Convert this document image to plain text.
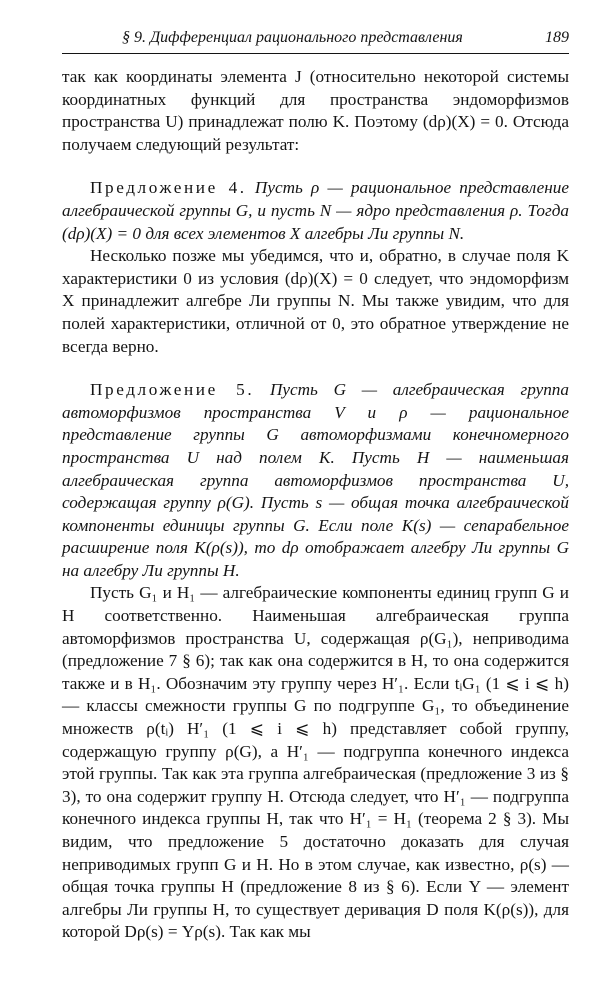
§ 9. Дифференциал рационального представления	189

так как координаты элемента J (относительно некоторой системы координатных функций для пространства эндоморфизмов пространства U) принадлежат полю K. Поэтому (dρ)(X) = 0. Отсюда получаем следующий результат:

Предложение 4. Пусть ρ — рациональное представление алгебраической группы G, и пусть N — ядро представления ρ. Тогда (dρ)(X) = 0 для всех элементов X алгебры Ли группы N.

Несколько позже мы убедимся, что и, обратно, в случае поля K характеристики 0 из условия (dρ)(X) = 0 следует, что эндоморфизм X принадлежит алгебре Ли группы N. Мы также увидим, что для полей характеристики, отличной от 0, это обратное утверждение не всегда верно.

Предложение 5. Пусть G — алгебраическая группа автоморфизмов пространства V и ρ — рациональное представление группы G автоморфизмами конечномерного пространства U над полем K. Пусть H — наименьшая алгебраическая группа автоморфизмов пространства U, содержащая группу ρ(G). Пусть s — общая точка алгебраической компоненты единицы группы G. Если поле K(s) — сепарабельное расширение поля K(ρ(s)), то dρ отображает алгебру Ли группы G на алгебру Ли группы H.

Пусть G₁ и H₁ — алгебраические компоненты единиц групп G и H соответственно. Наименьшая алгебраическая группа автоморфизмов пространства U, содержащая ρ(G₁), неприводима (предложение 7 § 6); так как она содержится в H, то она содержится также и в H₁. Обозначим эту группу через H′₁. Если tᵢG₁ (1 ⩽ i ⩽ h) — классы смежности группы G по подгруппе G₁, то объединение множеств ρ(tᵢ) H′₁ (1 ⩽ i ⩽ h) представляет собой группу, содержащую группу ρ(G), а H′₁ — подгруппа конечного индекса этой группы. Так как эта группа алгебраическая (предложение 3 из § 3), то она содержит группу H. Отсюда следует, что H′₁ — подгруппа конечного индекса группы H, так что H′₁ = H₁ (теорема 2 § 3). Мы видим, что предложение 5 достаточно доказать для случая неприводимых групп G и H. Но в этом случае, как известно, ρ(s) — общая точка группы H (предложение 8 из § 6). Если Y — элемент алгебры Ли группы H, то существует деривация D поля K(ρ(s)), для которой Dρ(s) = Yρ(s). Так как мы
